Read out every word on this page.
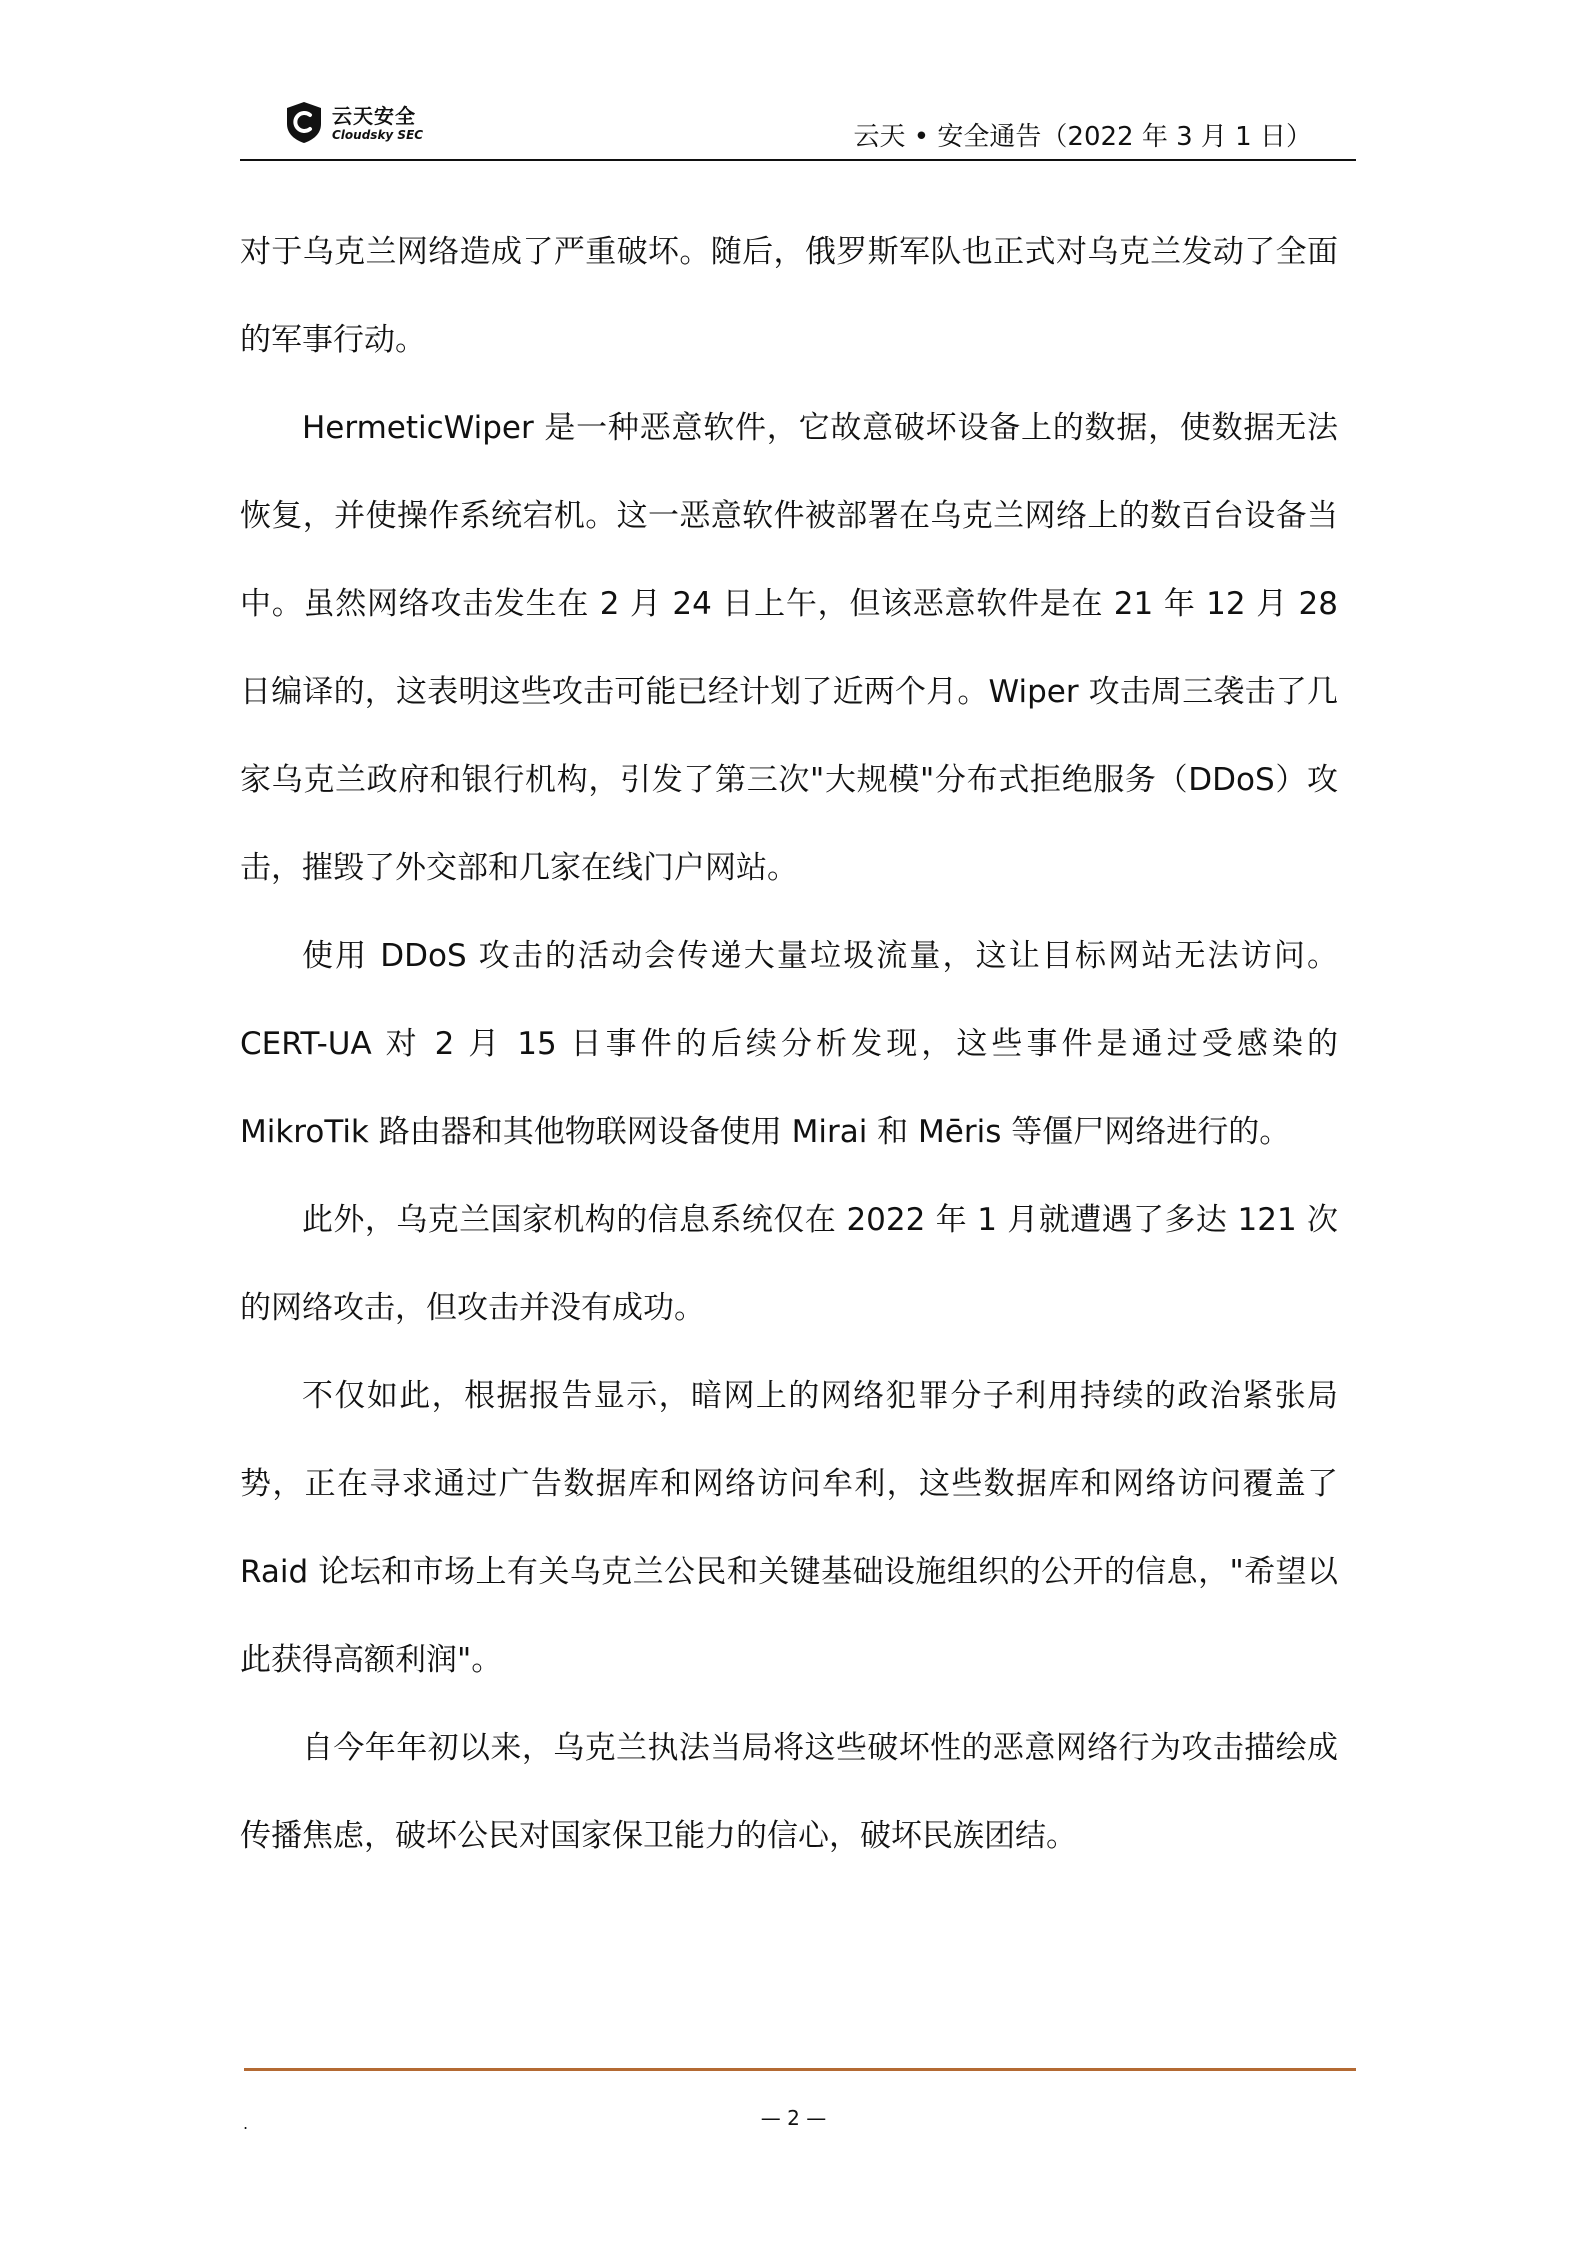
云天安全
Cloudsky SEC	云天 • 安全通告（2022 年 3 月 1 日）

对于乌克兰网络造成了严重破坏。随后，俄罗斯军队也正式对乌克兰发动了全面的军事行动。

HermeticWiper 是一种恶意软件，它故意破坏设备上的数据，使数据无法恢复，并使操作系统宕机。这一恶意软件被部署在乌克兰网络上的数百台设备当中。虽然网络攻击发生在 2 月 24 日上午，但该恶意软件是在 21 年 12 月 28 日编译的，这表明这些攻击可能已经计划了近两个月。Wiper 攻击周三袭击了几家乌克兰政府和银行机构，引发了第三次"大规模"分布式拒绝服务（DDoS）攻击，摧毁了外交部和几家在线门户网站。

使用 DDoS 攻击的活动会传递大量垃圾流量，这让目标网站无法访问。CERT-UA 对 2 月 15 日事件的后续分析发现，这些事件是通过受感染的 MikroTik 路由器和其他物联网设备使用 Mirai 和 Mēris 等僵尸网络进行的。

此外，乌克兰国家机构的信息系统仅在 2022 年 1 月就遭遇了多达 121 次的网络攻击，但攻击并没有成功。

不仅如此，根据报告显示，暗网上的网络犯罪分子利用持续的政治紧张局势，正在寻求通过广告数据库和网络访问牟利，这些数据库和网络访问覆盖了 Raid 论坛和市场上有关乌克兰公民和关键基础设施组织的公开的信息，"希望以此获得高额利润"。

自今年年初以来，乌克兰执法当局将这些破坏性的恶意网络行为攻击描绘成传播焦虑，破坏公民对国家保卫能力的信心，破坏民族团结。

.	— 2 —
